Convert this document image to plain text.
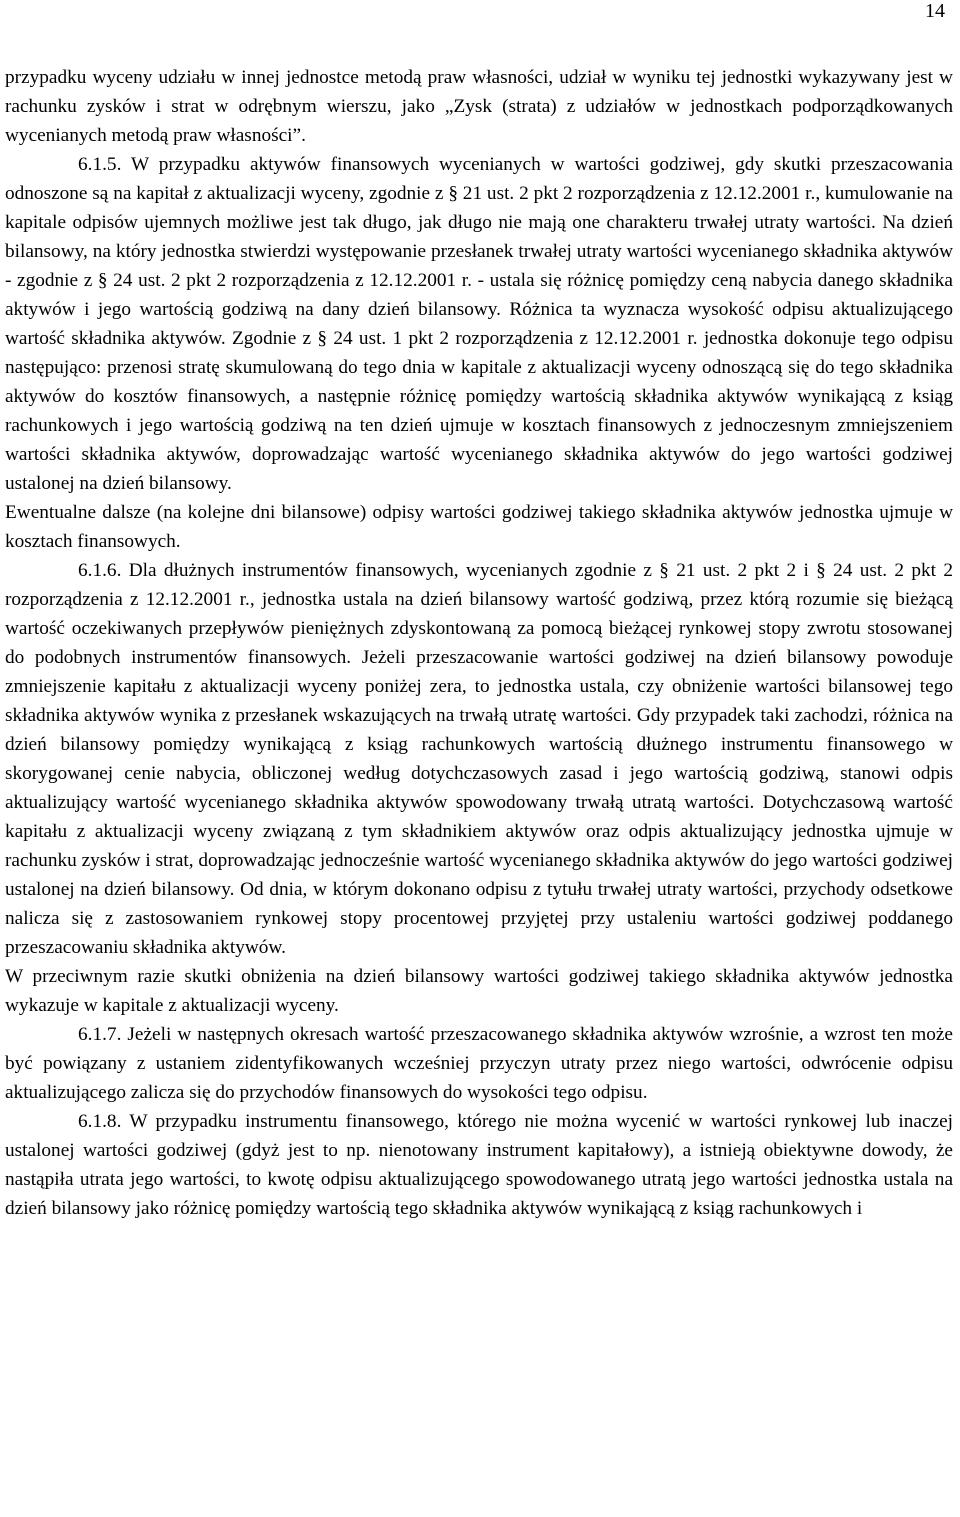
14

przypadku wyceny udziału w innej jednostce metodą praw własności, udział w wyniku tej jednostki wykazywany jest w rachunku zysków i strat w odrębnym wierszu, jako „Zysk (strata) z udziałów w jednostkach podporządkowanych wycenianych metodą praw własności”.

6.1.5. W przypadku aktywów finansowych wycenianych w wartości godziwej, gdy skutki przeszacowania odnoszone są na kapitał z aktualizacji wyceny, zgodnie z § 21 ust. 2 pkt 2 rozporządzenia z 12.12.2001 r., kumulowanie na kapitale odpisów ujemnych możliwe jest tak długo, jak długo nie mają one charakteru trwałej utraty wartości. Na dzień bilansowy, na który jednostka stwierdzi występowanie przesłanek trwałej utraty wartości wycenianego składnika aktywów - zgodnie z § 24 ust. 2 pkt 2 rozporządzenia z 12.12.2001 r. - ustala się różnicę pomiędzy ceną nabycia danego składnika aktywów i jego wartością godziwą na dany dzień bilansowy. Różnica ta wyznacza wysokość odpisu aktualizującego wartość składnika aktywów. Zgodnie z § 24 ust. 1 pkt 2 rozporządzenia z 12.12.2001 r. jednostka dokonuje tego odpisu następująco: przenosi stratę skumulowaną do tego dnia w kapitale z aktualizacji wyceny odnoszącą się do tego składnika aktywów do kosztów finansowych, a następnie różnicę pomiędzy wartością składnika aktywów wynikającą z ksiąg rachunkowych i jego wartością godziwą na ten dzień ujmuje w kosztach finansowych z jednoczesnym zmniejszeniem wartości składnika aktywów, doprowadzając wartość wycenianego składnika aktywów do jego wartości godziwej ustalonej na dzień bilansowy.

Ewentualne dalsze (na kolejne dni bilansowe) odpisy wartości godziwej takiego składnika aktywów jednostka ujmuje w kosztach finansowych.

6.1.6. Dla dłużnych instrumentów finansowych, wycenianych zgodnie z § 21 ust. 2 pkt 2 i § 24 ust. 2 pkt 2 rozporządzenia z 12.12.2001 r., jednostka ustala na dzień bilansowy wartość godziwą, przez którą rozumie się bieżącą wartość oczekiwanych przepływów pieniężnych zdyskontowaną za pomocą bieżącej rynkowej stopy zwrotu stosowanej do podobnych instrumentów finansowych. Jeżeli przeszacowanie wartości godziwej na dzień bilansowy powoduje zmniejszenie kapitału z aktualizacji wyceny poniżej zera, to jednostka ustala, czy obniżenie wartości bilansowej tego składnika aktywów wynika z przesłanek wskazujących na trwałą utratę wartości. Gdy przypadek taki zachodzi, różnica na dzień bilansowy pomiędzy wynikającą z ksiąg rachunkowych wartością dłużnego instrumentu finansowego w skorygowanej cenie nabycia, obliczonej według dotychczasowych zasad i jego wartością godziwą, stanowi odpis aktualizujący wartość wycenianego składnika aktywów spowodowany trwałą utratą wartości. Dotychczasową wartość kapitału z aktualizacji wyceny związaną z tym składnikiem aktywów oraz odpis aktualizujący jednostka ujmuje w rachunku zysków i strat, doprowadzając jednocześnie wartość wycenianego składnika aktywów do jego wartości godziwej ustalonej na dzień bilansowy. Od dnia, w którym dokonano odpisu z tytułu trwałej utraty wartości, przychody odsetkowe nalicza się z zastosowaniem rynkowej stopy procentowej przyjętej przy ustaleniu wartości godziwej poddanego przeszacowaniu składnika aktywów.

W przeciwnym razie skutki obniżenia na dzień bilansowy wartości godziwej takiego składnika aktywów jednostka wykazuje w kapitale z aktualizacji wyceny.

6.1.7. Jeżeli w następnych okresach wartość przeszacowanego składnika aktywów wzrośnie, a wzrost ten może być powiązany z ustaniem zidentyfikowanych wcześniej przyczyn utraty przez niego wartości, odwrócenie odpisu aktualizującego zalicza się do przychodów finansowych do wysokości tego odpisu.

6.1.8. W przypadku instrumentu finansowego, którego nie można wycenić w wartości rynkowej lub inaczej ustalonej wartości godziwej (gdyż jest to np. nienotowany instrument kapitałowy), a istnieją obiektywne dowody, że nastąpiła utrata jego wartości, to kwotę odpisu aktualizującego spowodowanego utratą jego wartości jednostka ustala na dzień bilansowy jako różnicę pomiędzy wartością tego składnika aktywów wynikającą z ksiąg rachunkowych i
